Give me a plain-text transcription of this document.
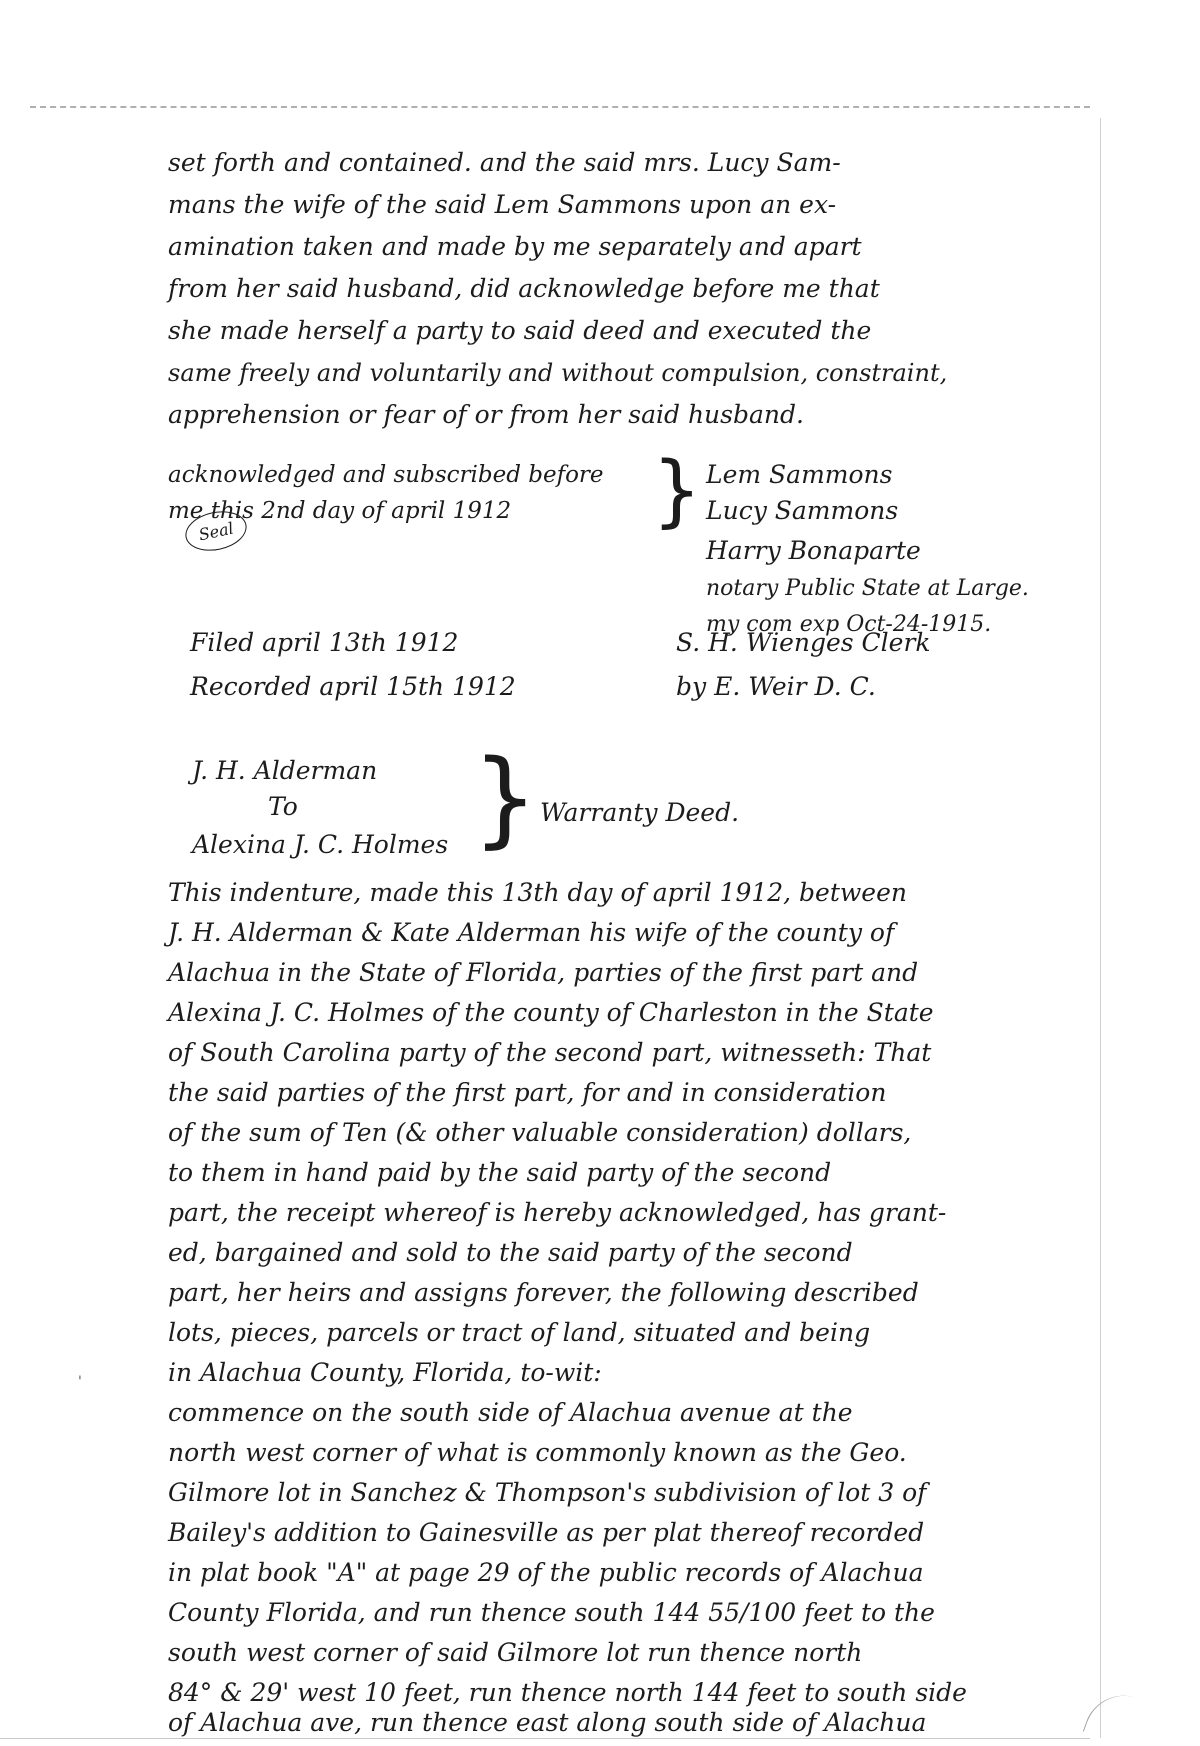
set forth and contained. and the said mrs. Lucy Sam-
mans the wife of the said Lem Sammons upon an ex-
amination taken and made by me separately and apart
from her said husband, did acknowledge before me that
she made herself a party to said deed and executed the
same freely and voluntarily and without compulsion, constraint,
apprehension or fear of or from her said husband.
acknowledged and subscribed before
me this 2nd day of april 1912 }
Seal
Lem Sammons
Lucy Sammons
Harry Bonaparte
notary Public State at Large.
my com exp Oct-24-1915.
Filed april 13th 1912
Recorded april 15th 1912
S. H. Wienges Clerk
by E. Weir D. C.
J. H. Alderman
To
Alexina J. C. Holmes } Warranty Deed.
This indenture, made this 13th day of april 1912, between
J. H. Alderman & Kate Alderman his wife of the county of
Alachua in the State of Florida, parties of the first part and
Alexina J. C. Holmes of the county of Charleston in the State
of South Carolina party of the second part, witnesseth: That
the said parties of the first part, for and in consideration
of the sum of Ten (& other valuable consideration) dollars,
to them in hand paid by the said party of the second
part, the receipt whereof is hereby acknowledged, has grant-
ed, bargained and sold to the said party of the second
part, her heirs and assigns forever, the following described
lots, pieces, parcels or tract of land, situated and being
in Alachua County, Florida, to-wit:
commence on the south side of Alachua avenue at the
north west corner of what is commonly known as the Geo.
Gilmore lot in Sanchez & Thompson's subdivision of lot 3 of
Bailey's addition to Gainesville as per plat thereof recorded
in plat book "A" at page 29 of the public records of Alachua
County Florida, and run thence south 144 55/100 feet to the
south west corner of said Gilmore lot run thence north
84° & 29' west 10 feet, run thence north 144 feet to south side
of Alachua ave, run thence east along south side of Alachua
'
